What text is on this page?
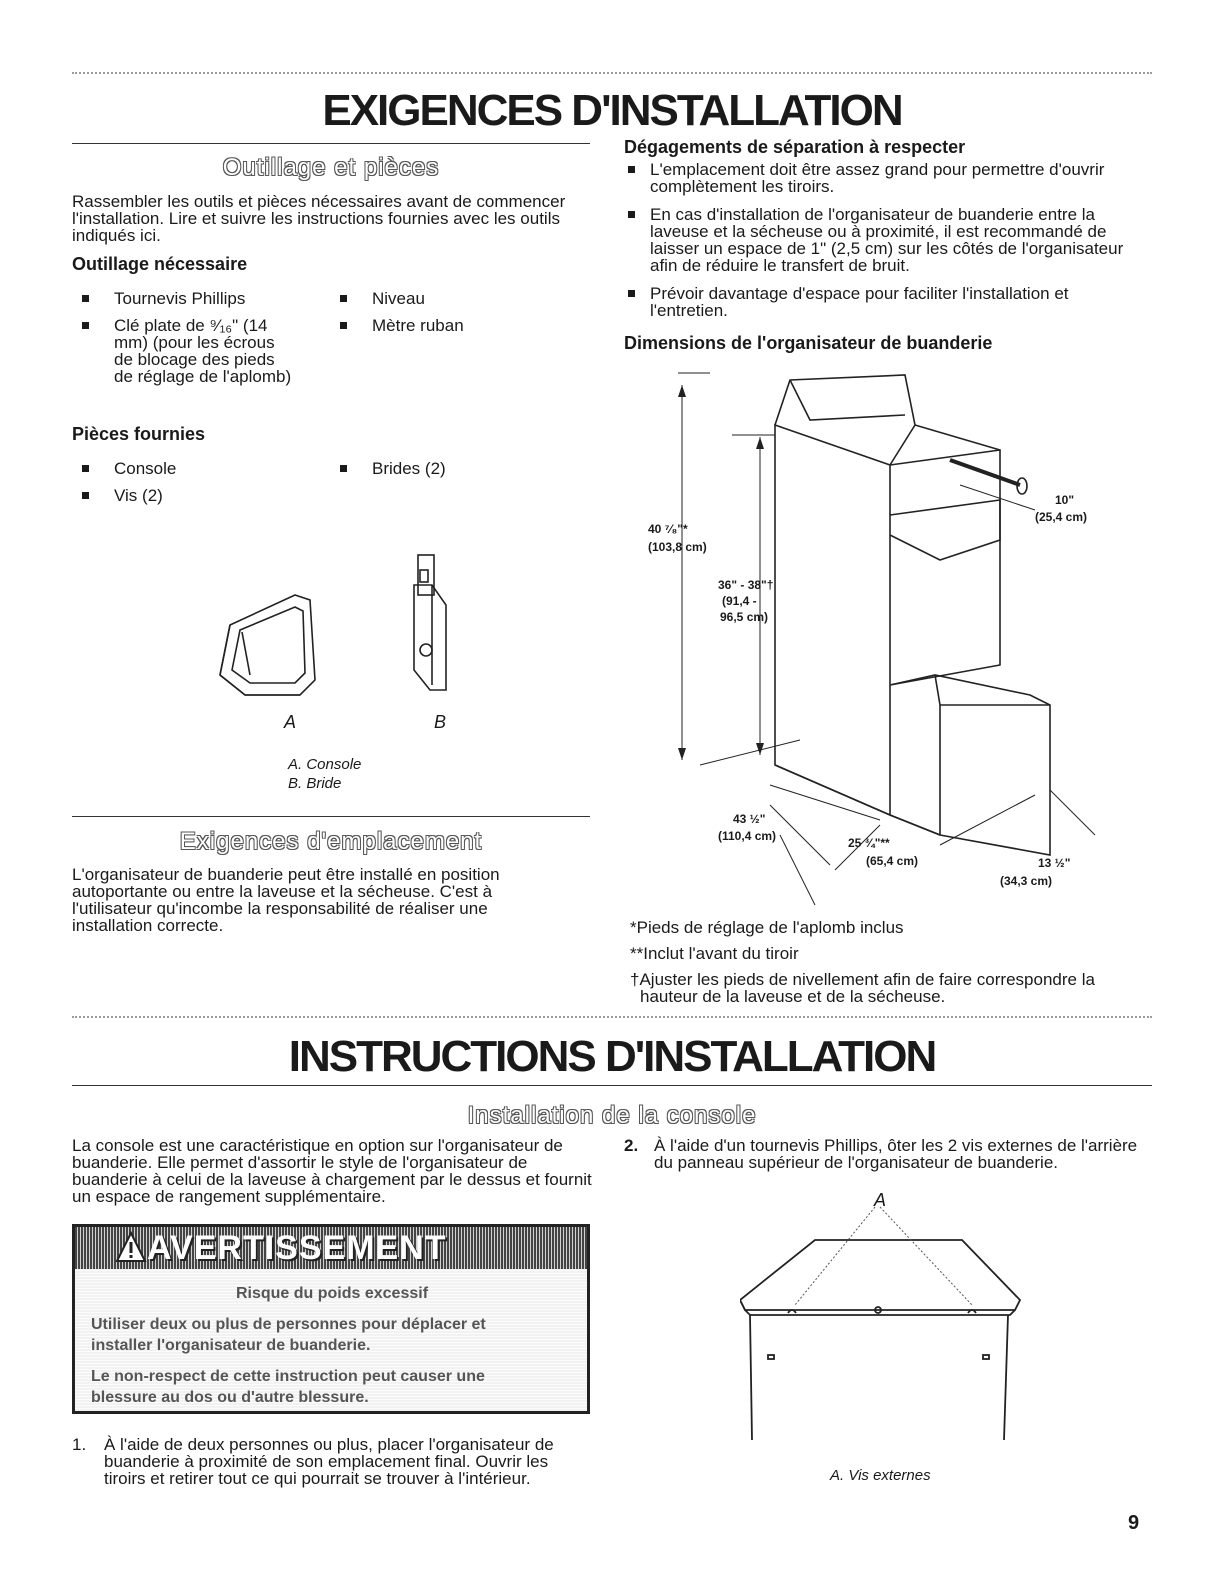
EXIGENCES D'INSTALLATION
Outillage et pièces
Rassembler les outils et pièces nécessaires avant de commencer l'installation. Lire et suivre les instructions fournies avec les outils indiqués ici.
Outillage nécessaire
Tournevis Phillips
Clé plate de ⁹⁄₁₆" (14 mm) (pour les écrous de blocage des pieds de réglage de l'aplomb)
Niveau
Mètre ruban
Pièces fournies
Console
Vis (2)
Brides (2)
A	B
A. Console
B. Bride
Exigences d'emplacement
L'organisateur de buanderie peut être installé en position autoportante ou entre la laveuse et la sécheuse. C'est à l'utilisateur qu'incombe la responsabilité de réaliser une installation correcte.
Dégagements de séparation à respecter
L'emplacement doit être assez grand pour permettre d'ouvrir complètement les tiroirs.
En cas d'installation de l'organisateur de buanderie entre la laveuse et la sécheuse ou à proximité, il est recommandé de laisser un espace de 1" (2,5 cm) sur les côtés de l'organisateur afin de réduire le transfert de bruit.
Prévoir davantage d'espace pour faciliter l'installation et l'entretien.
Dimensions de l'organisateur de buanderie
40 ⁷⁄₈"*
(103,8 cm)
36" - 38"†
(91,4 -
96,5 cm)
10"
(25,4 cm)
43 ½"
(110,4 cm)	25 ¾"**
(65,4 cm)	13 ½"
(34,3 cm)
*Pieds de réglage de l'aplomb inclus
**Inclut l'avant du tiroir
†Ajuster les pieds de nivellement afin de faire correspondre la hauteur de la laveuse et de la sécheuse.
INSTRUCTIONS D'INSTALLATION
Installation de la console
La console est une caractéristique en option sur l'organisateur de buanderie. Elle permet d'assortir le style de l'organisateur de buanderie à celui de la laveuse à chargement par le dessus et fournit un espace de rangement supplémentaire.
AVERTISSEMENT
Risque du poids excessif
Utiliser deux ou plus de personnes pour déplacer et installer l'organisateur de buanderie.
Le non-respect de cette instruction peut causer une blessure au dos ou d'autre blessure.
1. À l'aide de deux personnes ou plus, placer l'organisateur de buanderie à proximité de son emplacement final. Ouvrir les tiroirs et retirer tout ce qui pourrait se trouver à l'intérieur.
2. À l'aide d'un tournevis Phillips, ôter les 2 vis externes de l'arrière du panneau supérieur de l'organisateur de buanderie.
A
A. Vis externes
9
